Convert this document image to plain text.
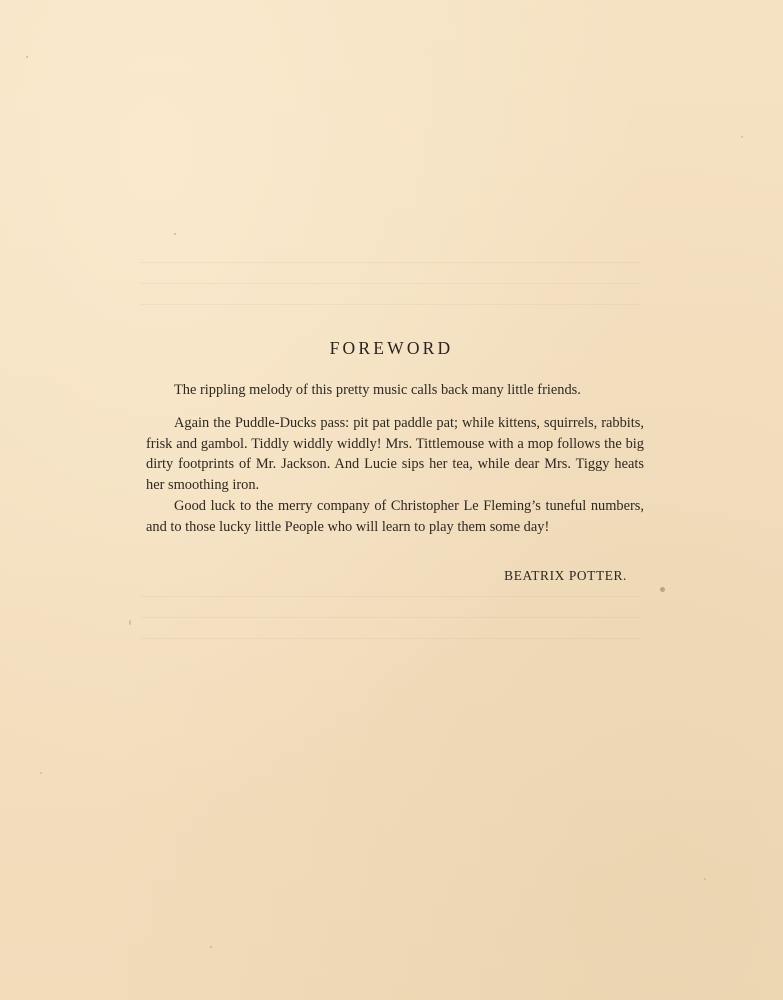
FOREWORD

The rippling melody of this pretty music calls back many little friends.

Again the Puddle-Ducks pass: pit pat paddle pat; while kittens, squirrels, rabbits, frisk and gambol. Tiddly widdly widdly! Mrs. Tittlemouse with a mop follows the big dirty footprints of Mr. Jackson. And Lucie sips her tea, while dear Mrs. Tiggy heats her smoothing iron.

Good luck to the merry company of Christopher Le Fleming’s tuneful numbers, and to those lucky little People who will learn to play them some day!

BEATRIX POTTER.
